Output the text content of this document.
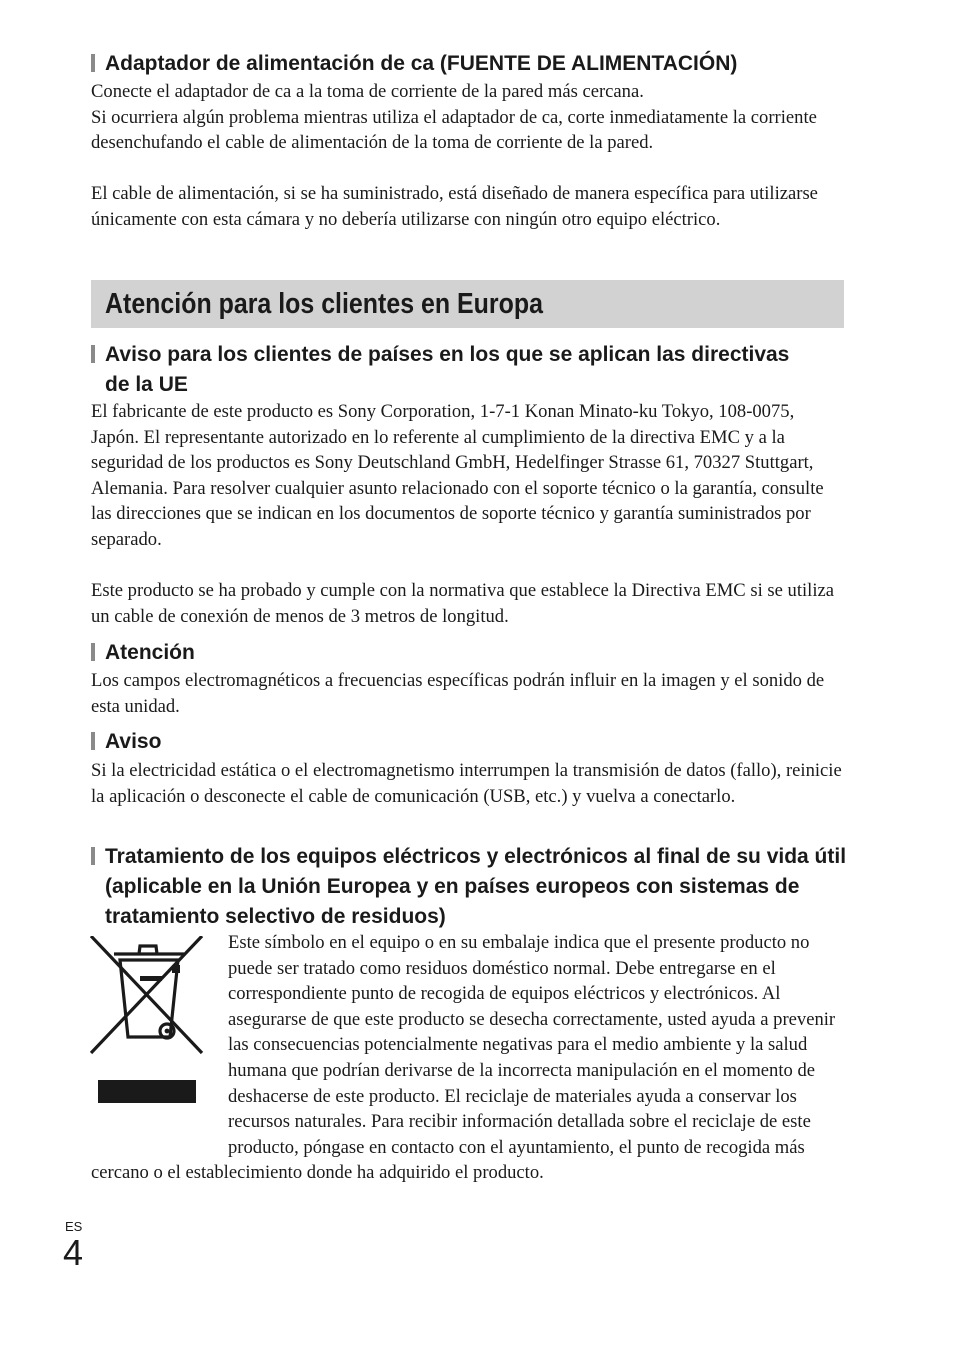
Adaptador de alimentación de ca (FUENTE DE ALIMENTACIÓN)

Conecte el adaptador de ca a la toma de corriente de la pared más cercana.
Si ocurriera algún problema mientras utiliza el adaptador de ca, corte inmediatamente la corriente desenchufando el cable de alimentación de la toma de corriente de la pared.

El cable de alimentación, si se ha suministrado, está diseñado de manera específica para utilizarse únicamente con esta cámara y no debería utilizarse con ningún otro equipo eléctrico.

Atención para los clientes en Europa
Aviso para los clientes de países en los que se aplican las directivas de la UE

El fabricante de este producto es Sony Corporation, 1-7-1 Konan Minato-ku Tokyo, 108-0075, Japón. El representante autorizado en lo referente al cumplimiento de la directiva EMC y a la seguridad de los productos es Sony Deutschland GmbH, Hedelfinger Strasse 61, 70327 Stuttgart, Alemania. Para resolver cualquier asunto relacionado con el soporte técnico o la garantía, consulte las direcciones que se indican en los documentos de soporte técnico y garantía suministrados por separado.

Este producto se ha probado y cumple con la normativa que establece la Directiva EMC si se utiliza un cable de conexión de menos de 3 metros de longitud.

Atención

Los campos electromagnéticos a frecuencias específicas podrán influir en la imagen y el sonido de esta unidad.

Aviso

Si la electricidad estática o el electromagnetismo interrumpen la transmisión de datos (fallo), reinicie la aplicación o desconecte el cable de comunicación (USB, etc.) y vuelva a conectarlo.

Tratamiento de los equipos eléctricos y electrónicos al final de su vida útil (aplicable en la Unión Europea y en países europeos con sistemas de tratamiento selectivo de residuos)
Este símbolo en el equipo o en su embalaje indica que el presente producto no puede ser tratado como residuos doméstico normal. Debe entregarse en el correspondiente punto de recogida de equipos eléctricos y electrónicos. Al asegurarse de que este producto se desecha correctamente, usted ayuda a prevenir las consecuencias potencialmente negativas para el medio ambiente y la salud humana que podrían derivarse de la incorrecta manipulación en el momento de deshacerse de este producto. El reciclaje de materiales ayuda a conservar los recursos naturales. Para recibir información detallada sobre el reciclaje de este producto, póngase en contacto con el ayuntamiento, el punto de recogida más cercano o el establecimiento donde ha adquirido el producto.
ES
4
